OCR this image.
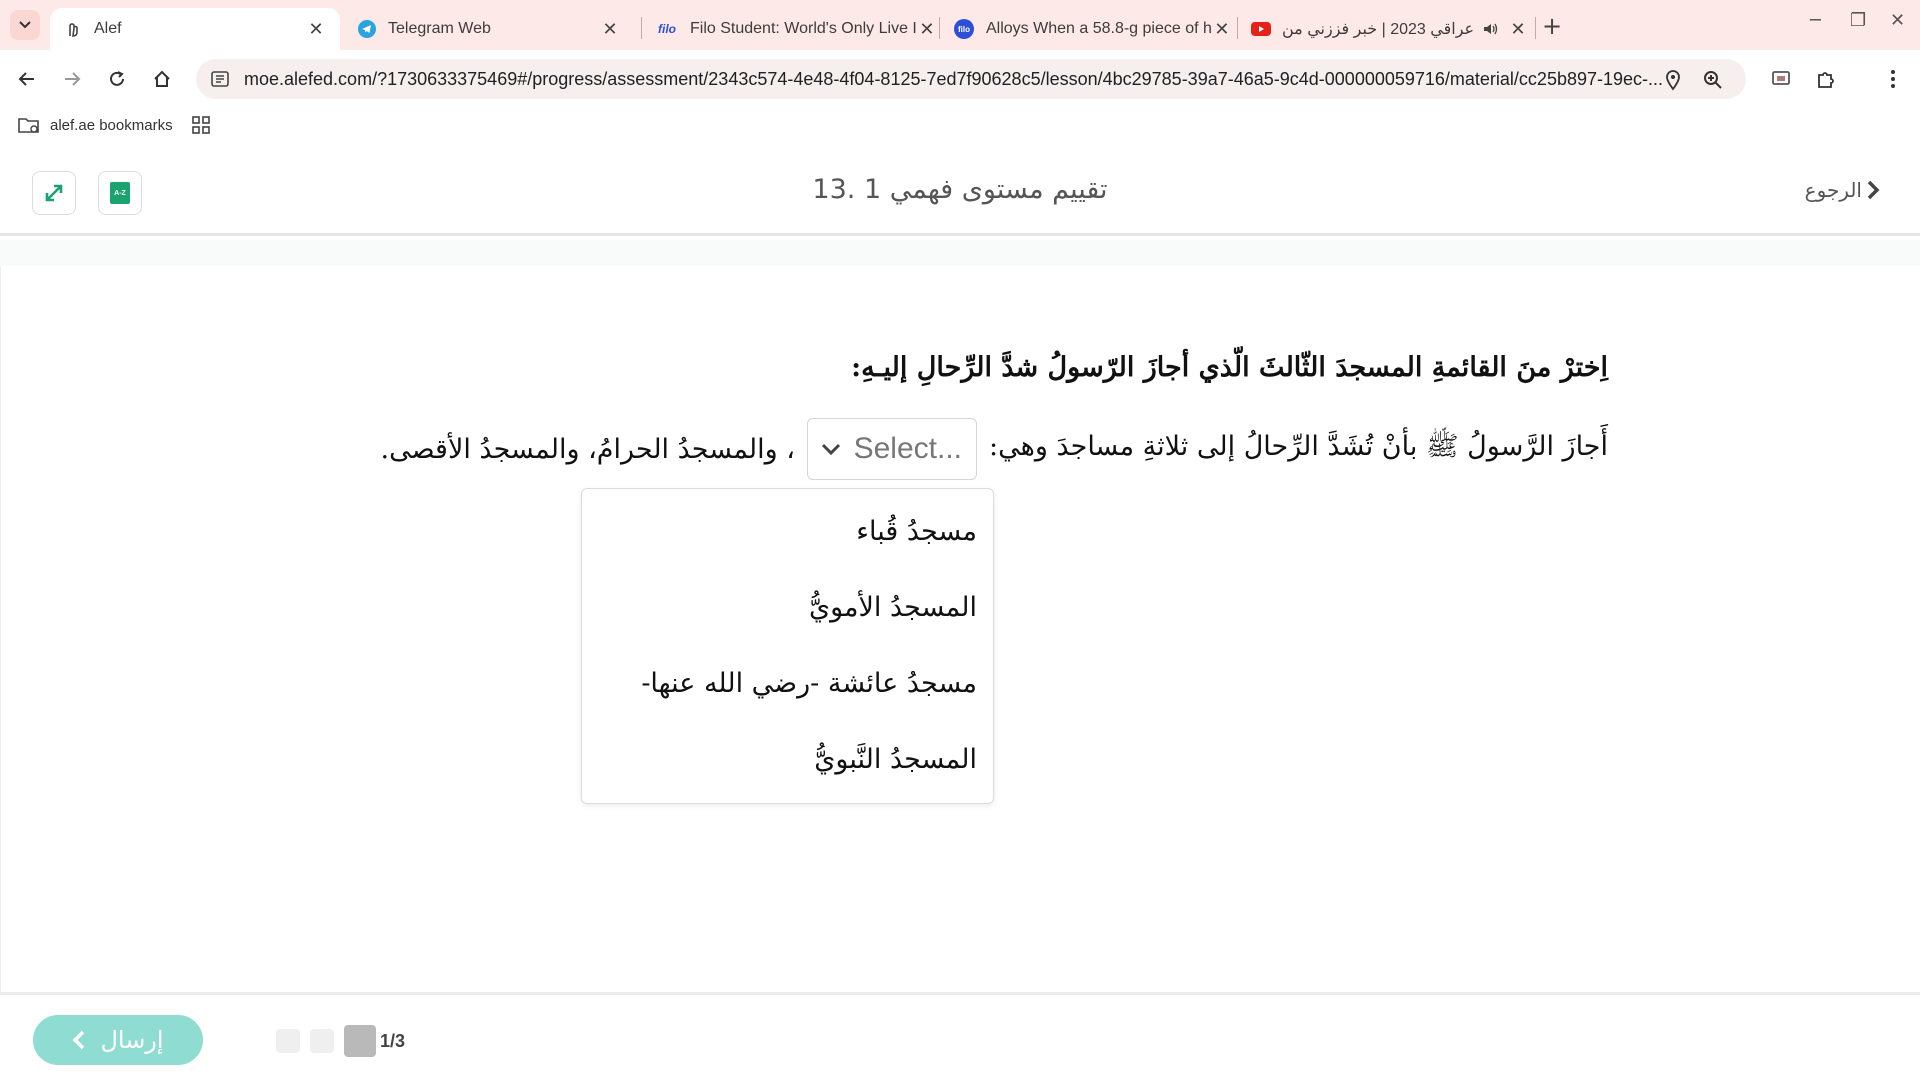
Alef	✕	Telegram Web	✕	filo Filo Student: World's Only Live I ✕	filo Alloys When a 58.8-g piece of h ✕	عراقي 2023 | خبر فززني من ✕ +	─ ❐ ✕
moe.alefed.com/?1730633375469#/progress/assessment/2343c574-4e48-4f04-8125-7ed7f90628c5/lesson/4bc29785-39a7-46a5-9c4d-000000059716/material/cc25b897-19ec-...
alef.ae bookmarks
A-Z	13. تقييم مستوى فهمي 1	الرجوع
اِخترْ منَ القائمةِ المسجدَ الثّالثَ الّذي أجازَ الرّسولُ شدَّ الرِّحالِ إليـهِ:
أَجازَ الرَّسولُ ﷺ بأنْ تُشَدَّ الرِّحالُ إلى ثلاثةِ مساجدَ وهي:
Select...
، والمسجدُ الحرامُ، والمسجدُ الأقصى.
مسجدُ قُباء
المسجدُ الأمويُّ
مسجدُ عائشة -رضي الله عنها-
المسجدُ النَّبويُّ
إرسال	1/3
